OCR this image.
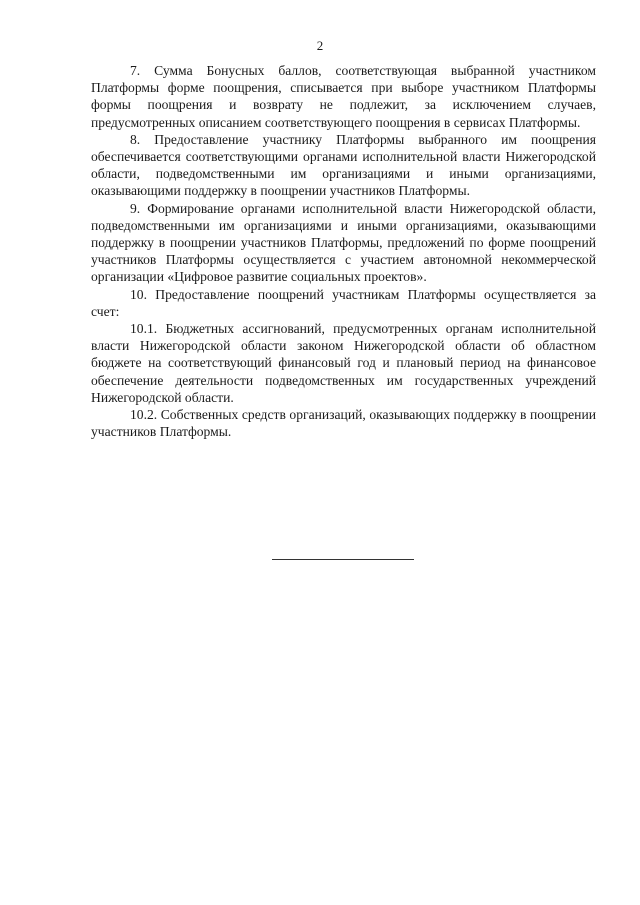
2

7. Сумма Бонусных баллов, соответствующая выбранной участником Платформы форме поощрения, списывается при выборе участником Платформы формы поощрения и возврату не подлежит, за исключением случаев, предусмотренных описанием соответствующего поощрения в сервисах Платформы.

8. Предоставление участнику Платформы выбранного им поощрения обеспечивается соответствующими органами исполнительной власти Нижегородской области, подведомственными им организациями и иными организациями, оказывающими поддержку в поощрении участников Платформы.

9. Формирование органами исполнительной власти Нижегородской области, подведомственными им организациями и иными организациями, оказывающими поддержку в поощрении участников Платформы, предложений по форме поощрений участников Платформы осуществляется с участием автономной некоммерческой организации «Цифровое развитие социальных проектов».

10. Предоставление поощрений участникам Платформы осуществляется за счет:

10.1. Бюджетных ассигнований, предусмотренных органам исполнительной власти Нижегородской области законом Нижегородской области об областном бюджете на соответствующий финансовый год и плановый период на финансовое обеспечение деятельности подведомственных им государственных учреждений Нижегородской области.

10.2. Собственных средств организаций, оказывающих поддержку в поощрении участников Платформы.
